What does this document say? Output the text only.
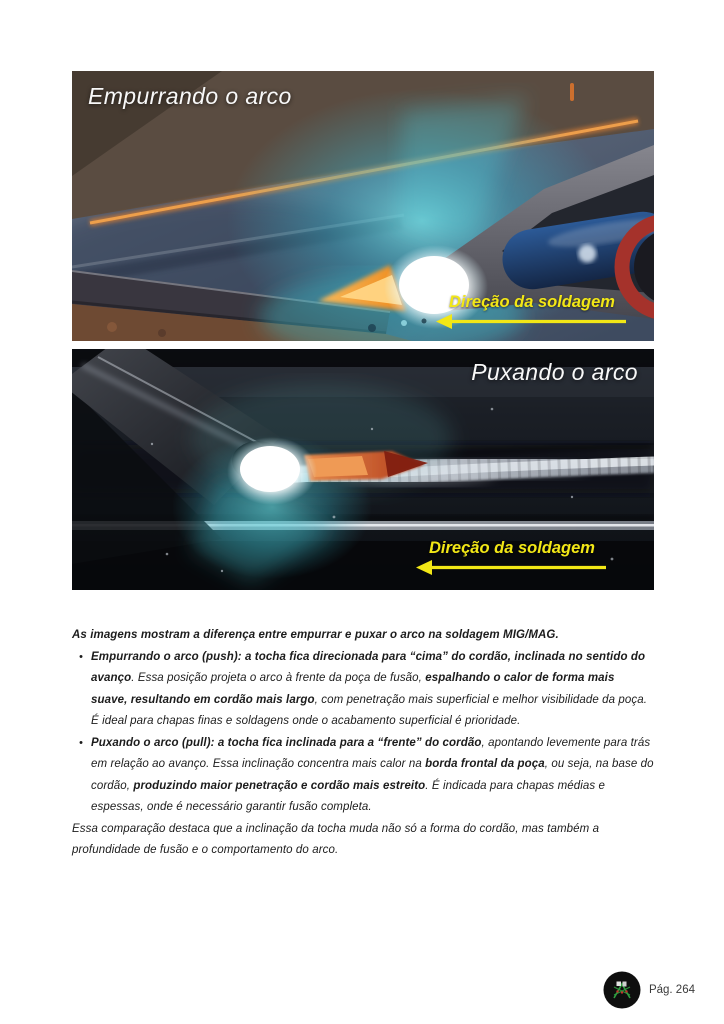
Empurrando o arco
Direção da soldagem
Puxando o arco
Direção da soldagem

As imagens mostram a diferença entre empurrar e puxar o arco na soldagem MIG/MAG.

• Empurrando o arco (push): a tocha fica direcionada para “cima” do cordão, inclinada no sentido do avanço. Essa posição projeta o arco à frente da poça de fusão, espalhando o calor de forma mais suave, resultando em cordão mais largo, com penetração mais superficial e melhor visibilidade da poça. É ideal para chapas finas e soldagens onde o acabamento superficial é prioridade.
• Puxando o arco (pull): a tocha fica inclinada para a “frente” do cordão, apontando levemente para trás em relação ao avanço. Essa inclinação concentra mais calor na borda frontal da poça, ou seja, na base do cordão, produzindo maior penetração e cordão mais estreito. É indicada para chapas médias e espessas, onde é necessário garantir fusão completa.

Essa comparação destaca que a inclinação da tocha muda não só a forma do cordão, mas também a profundidade de fusão e o comportamento do arco.

Pág. 264
